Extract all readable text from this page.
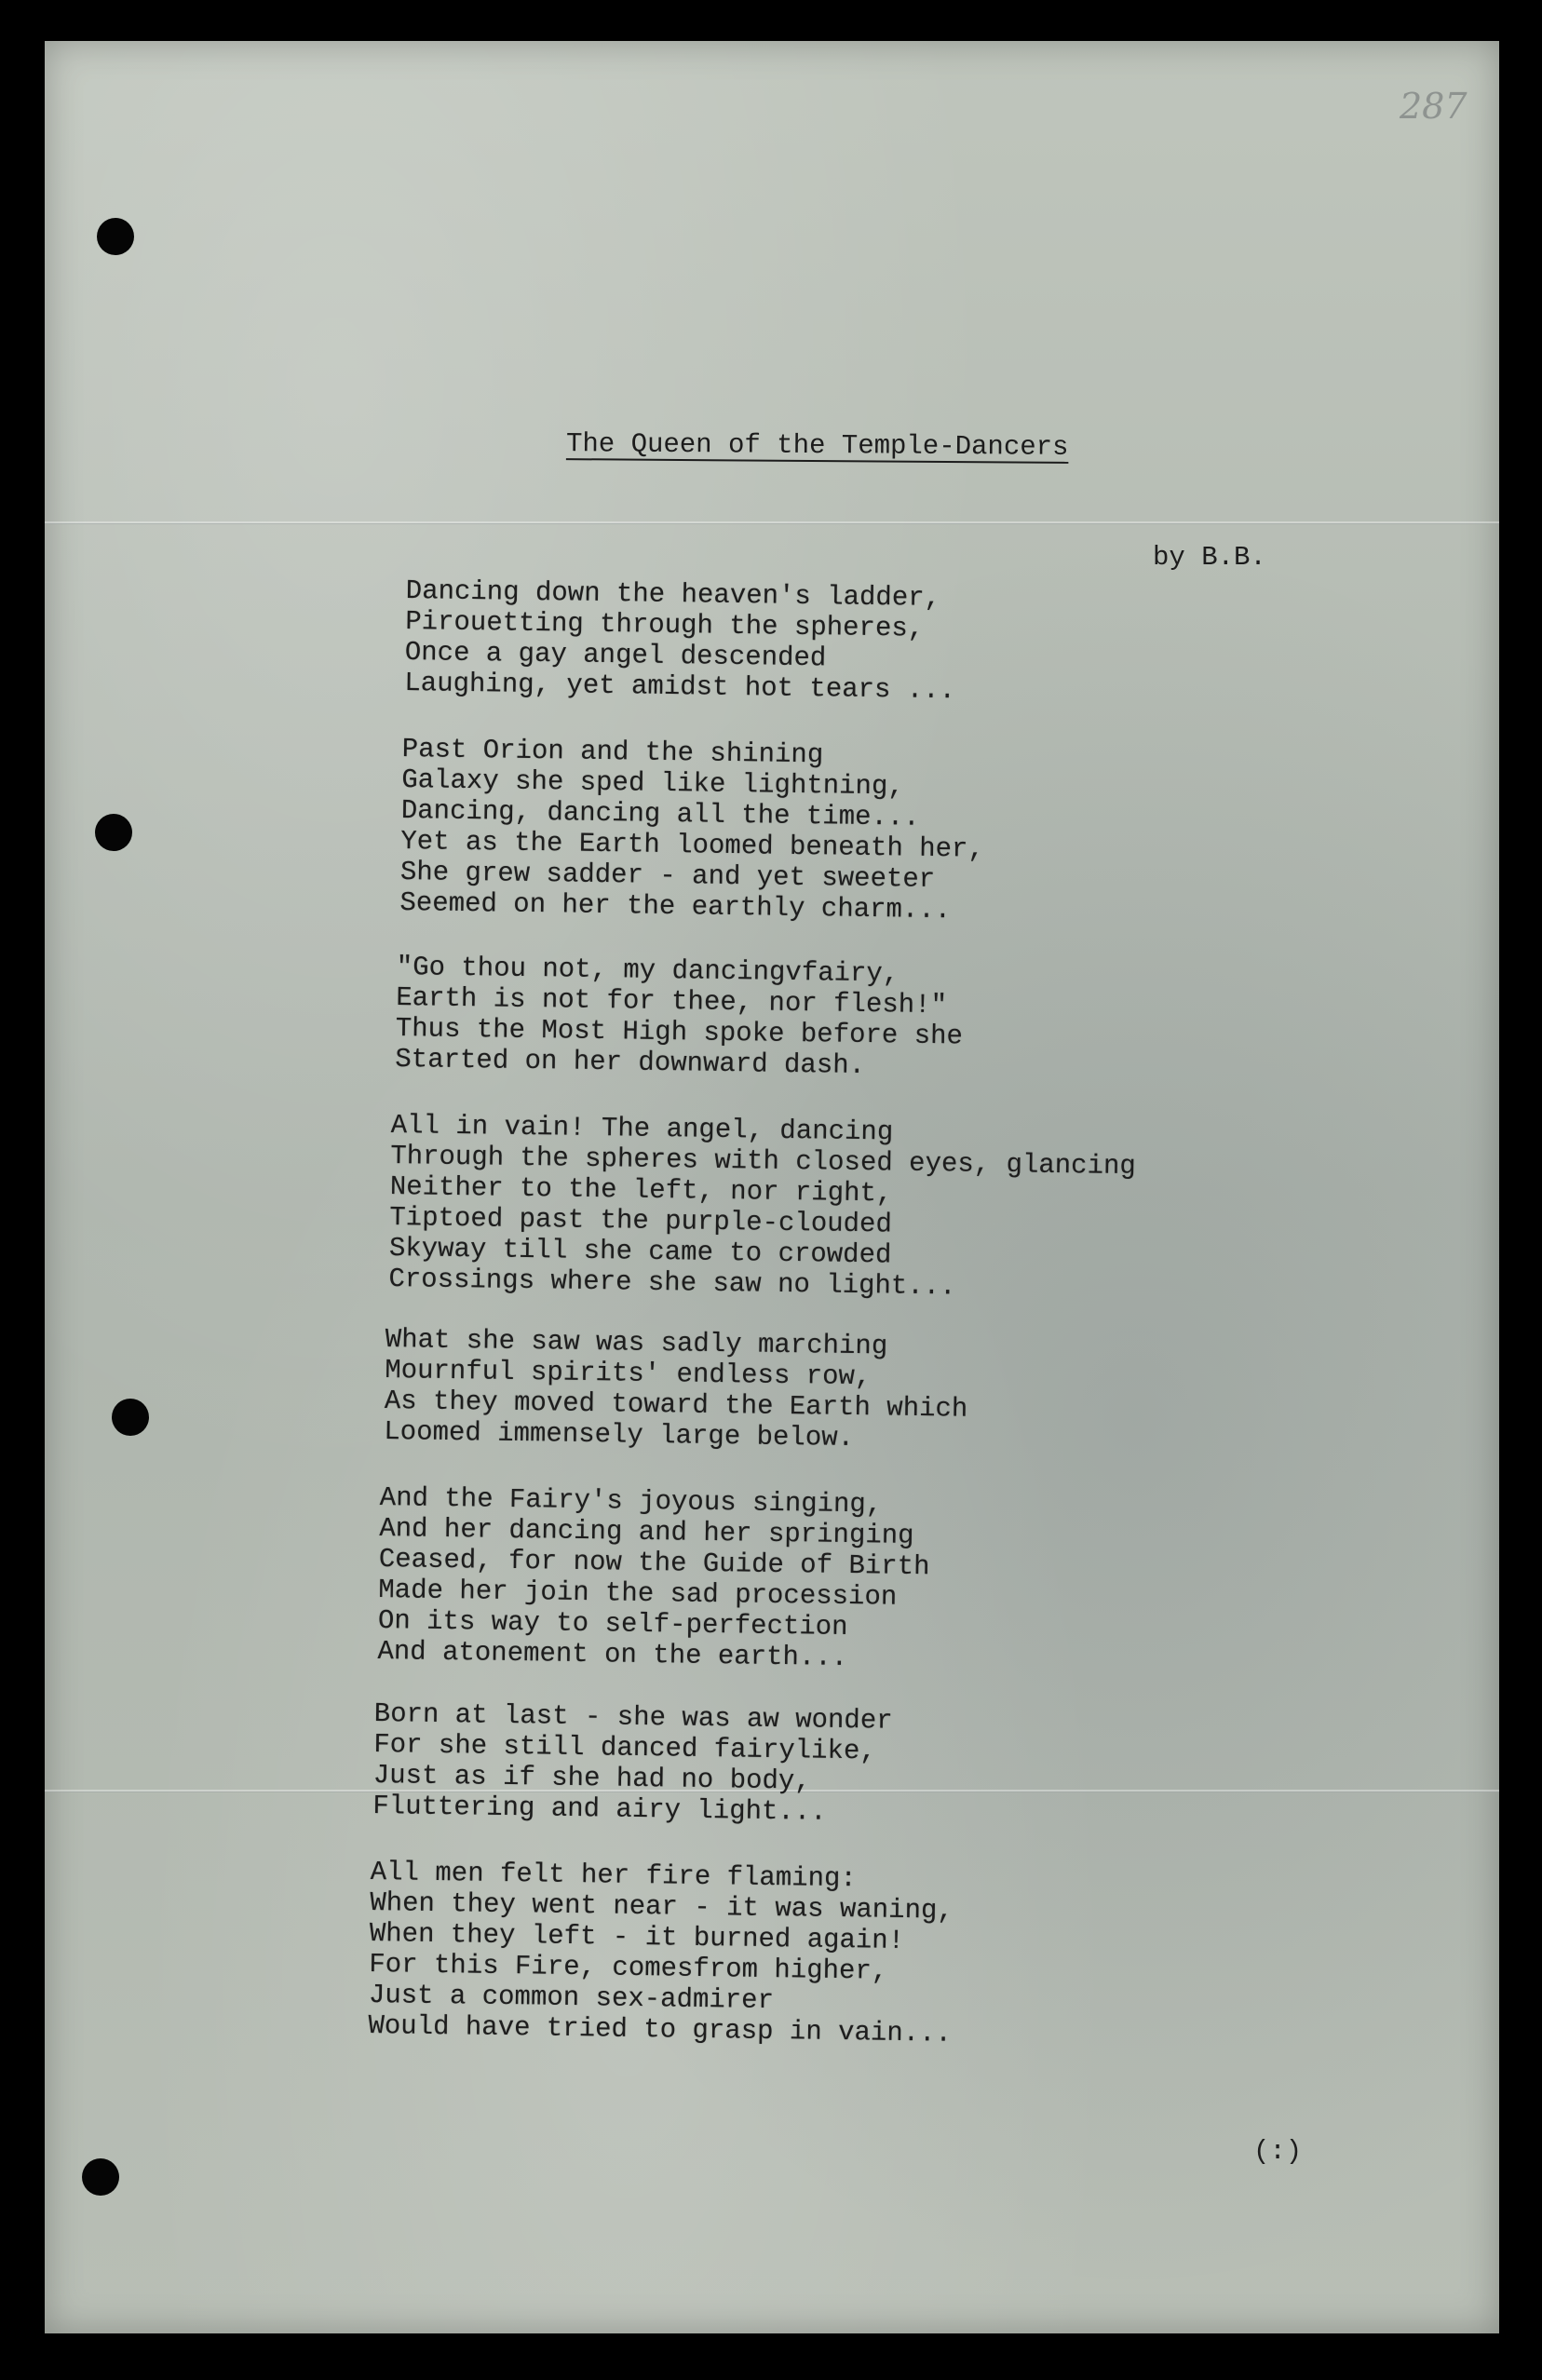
287
The Queen of the Temple-Dancers
by B.B.
Dancing down the heaven's ladder,
Pirouetting through the spheres,
Once a gay angel descended
Laughing, yet amidst hot tears ...
Past Orion and the shining
Galaxy she sped like lightning,
Dancing, dancing all the time...
Yet as the Earth loomed beneath her,
She grew sadder - and yet sweeter
Seemed on her the earthly charm...
"Go thou not, my dancingvfairy,
Earth is not for thee, nor flesh!"
Thus the Most High spoke before she
Started on her downward dash.
All in vain! The angel, dancing
Through the spheres with closed eyes, glancing
Neither to the left, nor right,
Tiptoed past the purple-clouded
Skyway till she came to crowded
Crossings where she saw no light...
What she saw was sadly marching
Mournful spirits' endless row,
As they moved toward the Earth which
Loomed immensely large below.
And the Fairy's joyous singing,
And her dancing and her springing
Ceased, for now the Guide of Birth
Made her join the sad procession
On its way to self-perfection
And atonement on the earth...
Born at last - she was aw wonder
For she still danced fairylike,
Just as if she had no body,
Fluttering and airy light...
All men felt her fire flaming:
When they went near - it was waning,
When they left - it burned again!
For this Fire, comesfrom higher,
Just a common sex-admirer
Would have tried to grasp in vain...
(:)
